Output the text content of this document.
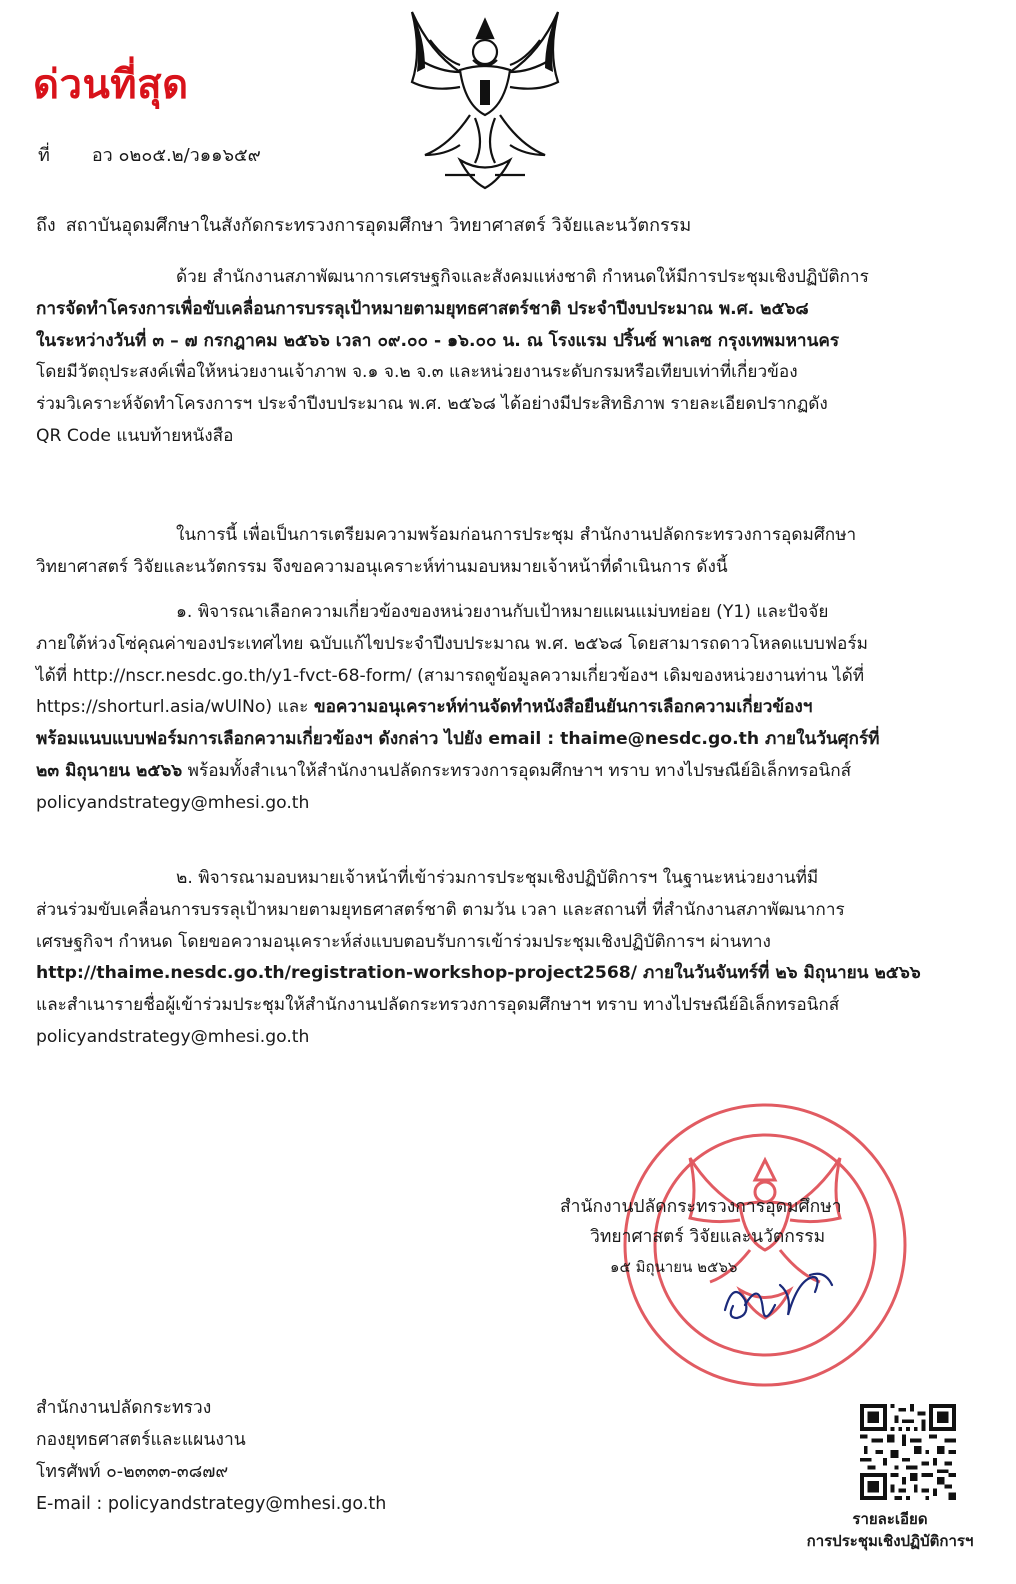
ด่วนที่สุด
ที่ อว ๐๒๐๕.๒/ว๑๑๖๕๙
ถึง สถาบันอุดมศึกษาในสังกัดกระทรวงการอุดมศึกษา วิทยาศาสตร์ วิจัยและนวัตกรรม
ด้วย สำนักงานสภาพัฒนาการเศรษฐกิจและสังคมแห่งชาติ กำหนดให้มีการประชุมเชิงปฏิบัติการ
การจัดทำโครงการเพื่อขับเคลื่อนการบรรลุเป้าหมายตามยุทธศาสตร์ชาติ ประจำปีงบประมาณ พ.ศ. ๒๕๖๘
ในระหว่างวันที่ ๓ – ๗ กรกฎาคม ๒๕๖๖ เวลา ๐๙.๐๐ - ๑๖.๐๐ น. ณ โรงแรม ปริ้นซ์ พาเลซ กรุงเทพมหานคร
โดยมีวัตถุประสงค์เพื่อให้หน่วยงานเจ้าภาพ จ.๑ จ.๒ จ.๓ และหน่วยงานระดับกรมหรือเทียบเท่าที่เกี่ยวข้อง
ร่วมวิเคราะห์จัดทำโครงการฯ ประจำปีงบประมาณ พ.ศ. ๒๕๖๘ ได้อย่างมีประสิทธิภาพ รายละเอียดปรากฏดัง
QR Code แนบท้ายหนังสือ
ในการนี้ เพื่อเป็นการเตรียมความพร้อมก่อนการประชุม สำนักงานปลัดกระทรวงการอุดมศึกษา
วิทยาศาสตร์ วิจัยและนวัตกรรม จึงขอความอนุเคราะห์ท่านมอบหมายเจ้าหน้าที่ดำเนินการ ดังนี้
๑. พิจารณาเลือกความเกี่ยวข้องของหน่วยงานกับเป้าหมายแผนแม่บทย่อย (Y1) และปัจจัย
ภายใต้ห่วงโซ่คุณค่าของประเทศไทย ฉบับแก้ไขประจำปีงบประมาณ พ.ศ. ๒๕๖๘ โดยสามารถดาวโหลดแบบฟอร์ม
ได้ที่ http://nscr.nesdc.go.th/y1-fvct-68-form/ (สามารถดูข้อมูลความเกี่ยวข้องฯ เดิมของหน่วยงานท่าน ได้ที่
https://shorturl.asia/wUlNo) และ ขอความอนุเคราะห์ท่านจัดทำหนังสือยืนยันการเลือกความเกี่ยวข้องฯ
พร้อมแนบแบบฟอร์มการเลือกความเกี่ยวข้องฯ ดังกล่าว ไปยัง email : thaime@nesdc.go.th ภายในวันศุกร์ที่
๒๓ มิถุนายน ๒๕๖๖ พร้อมทั้งสำเนาให้สำนักงานปลัดกระทรวงการอุดมศึกษาฯ ทราบ ทางไปรษณีย์อิเล็กทรอนิกส์
policyandstrategy@mhesi.go.th
๒. พิจารณามอบหมายเจ้าหน้าที่เข้าร่วมการประชุมเชิงปฏิบัติการฯ ในฐานะหน่วยงานที่มี
ส่วนร่วมขับเคลื่อนการบรรลุเป้าหมายตามยุทธศาสตร์ชาติ ตามวัน เวลา และสถานที่ ที่สำนักงานสภาพัฒนาการ
เศรษฐกิจฯ กำหนด โดยขอความอนุเคราะห์ส่งแบบตอบรับการเข้าร่วมประชุมเชิงปฏิบัติการฯ ผ่านทาง
http://thaime.nesdc.go.th/registration-workshop-project2568/ ภายในวันจันทร์ที่ ๒๖ มิถุนายน ๒๕๖๖
และสำเนารายชื่อผู้เข้าร่วมประชุมให้สำนักงานปลัดกระทรวงการอุดมศึกษาฯ ทราบ ทางไปรษณีย์อิเล็กทรอนิกส์
policyandstrategy@mhesi.go.th
สำนักงานปลัดกระทรวงการอุดมศึกษา
วิทยาศาสตร์ วิจัยและนวัตกรรม
๑๕ มิถุนายน ๒๕๖๖
สำนักงานปลัดกระทรวง
กองยุทธศาสตร์และแผนงาน
โทรศัพท์ ๐-๒๓๓๓-๓๘๗๙
E-mail : policyandstrategy@mhesi.go.th
รายละเอียด
การประชุมเชิงปฏิบัติการฯ
